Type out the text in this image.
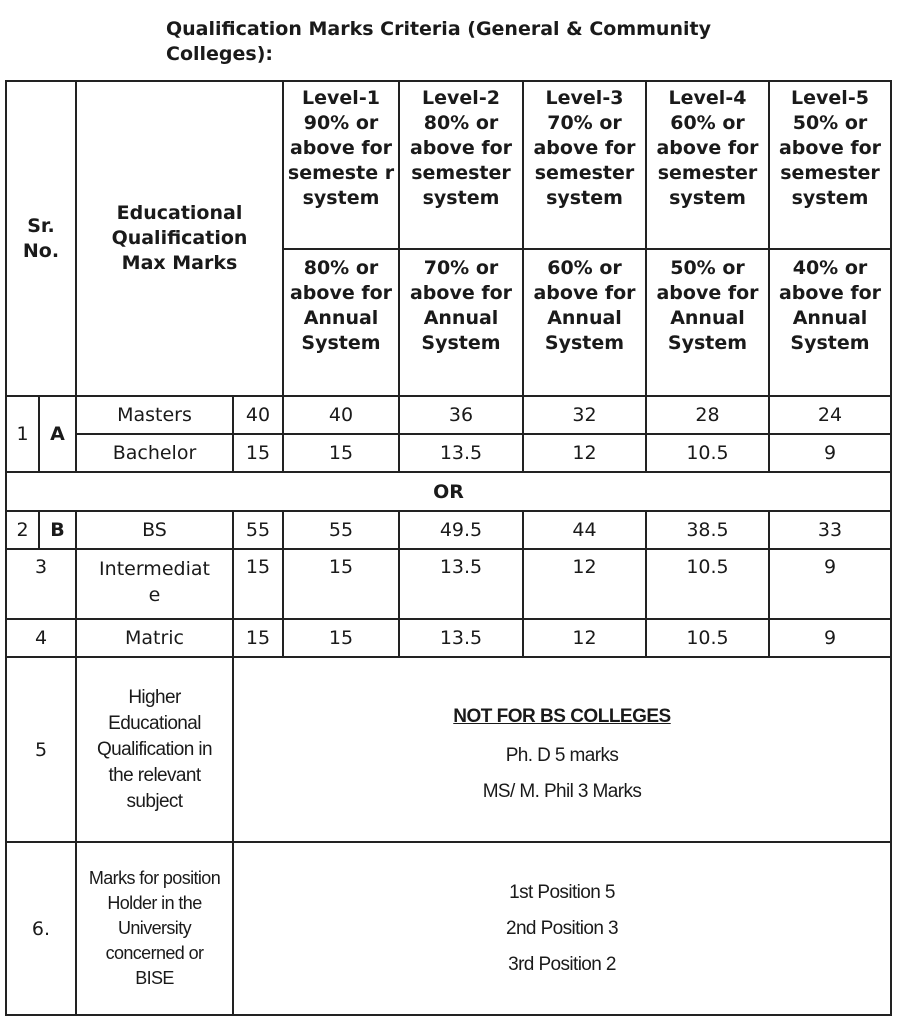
Qualification Marks Criteria (General & Community Colleges):
Sr. No.		Educational Qualification Max Marks		Level-1 90% or above for semeste r system	Level-2 80% or above for semester system	Level-3 70% or above for semester system	Level-4 60% or above for semester system	Level-5 50% or above for semester system
				80% or above for Annual System	70% or above for Annual System	60% or above for Annual System	50% or above for Annual System	40% or above for Annual System
1	A	Masters	40	40	36	32	28	24
		Bachelor	15	15	13.5	12	10.5	9
OR								
2	B	BS	55	55	49.5	44	38.5	33
3		Intermediat e	15	15	13.5	12	10.5	9
4		Matric	15	15	13.5	12	10.5	9
5		Higher Educational Qualification in the relevant subject	NOT FOR BS COLLEGES
Ph. D 5 marks
MS/ M. Phil 3 Marks					

6.		Marks for position Holder in the University concerned or BISE	1st Position 5
2nd Position 3
3rd Position 2					
